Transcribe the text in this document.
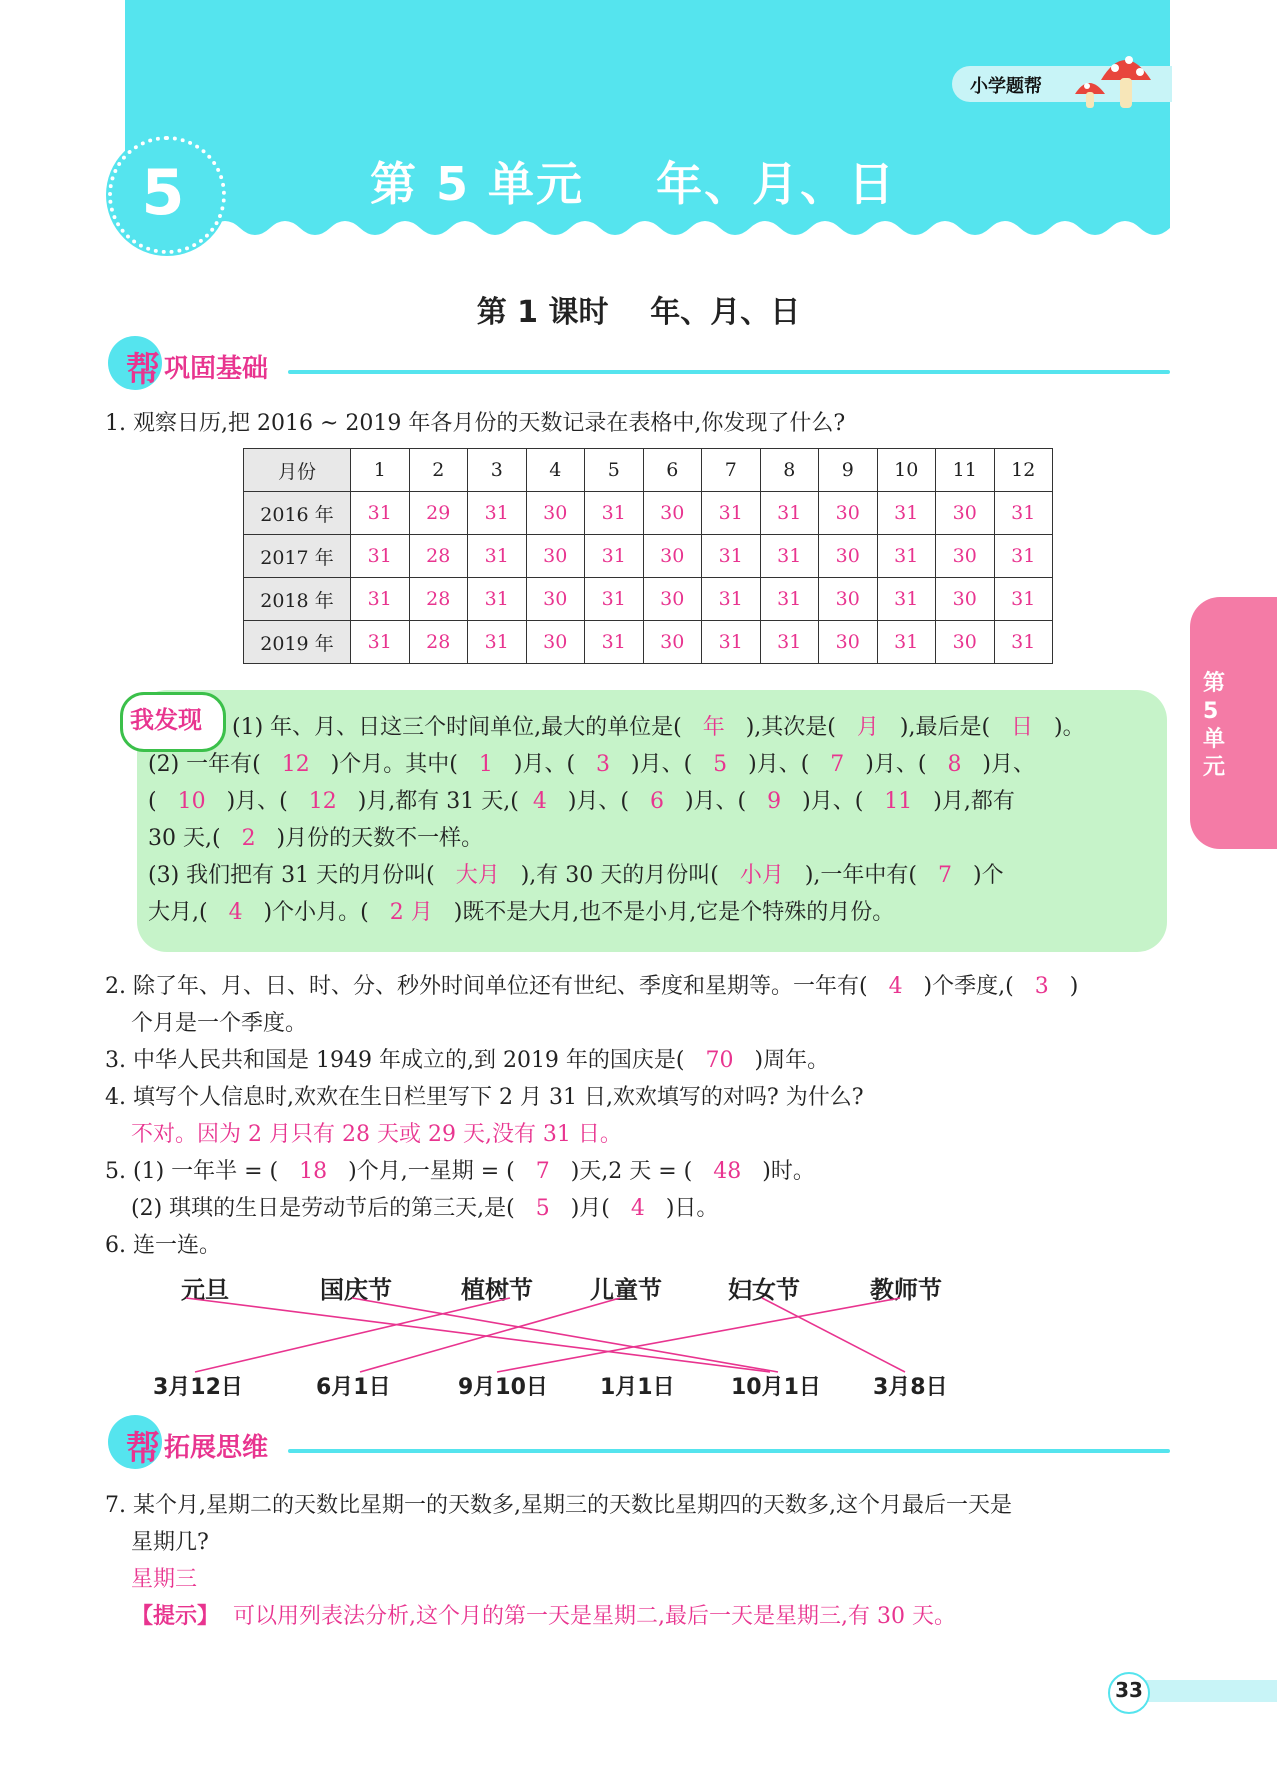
小学题帮
5	第 5 单元    年、月、日
第5单元
第 1 课时    年、月、日
帮 巩固基础
1. 观察日历,把 2016 ~ 2019 年各月份的天数记录在表格中,你发现了什么?
月份	1	2	3	4	5	6	7	8	9	10	11	12
2016 年	31	29	31	30	31	30	31	31	30	31	30	31
2017 年	31	28	31	30	31	30	31	31	30	31	30	31
2018 年	31	28	31	30	31	30	31	31	30	31	30	31
2019 年	31	28	31	30	31	30	31	31	30	31	30	31
我发现 (1) 年、月、日这三个时间单位,最大的单位是( 年 ),其次是( 月 ),最后是( 日 )。
(2) 一年有( 12 )个月。其中( 1 )月、( 3 )月、( 5 )月、( 7 )月、( 8 )月、
( 10 )月、( 12 )月,都有 31 天,( 4 )月、( 6 )月、( 9 )月、( 11 )月,都有
30 天,( 2 )月份的天数不一样。
(3) 我们把有 31 天的月份叫( 大月 ),有 30 天的月份叫( 小月 ),一年中有( 7 )个
大月,( 4 )个小月。( 2 月 )既不是大月,也不是小月,它是个特殊的月份。
2. 除了年、月、日、时、分、秒外时间单位还有世纪、季度和星期等。一年有( 4 )个季度,( 3 )
个月是一个季度。
3. 中华人民共和国是 1949 年成立的,到 2019 年的国庆是( 70 )周年。
4. 填写个人信息时,欢欢在生日栏里写下 2 月 31 日,欢欢填写的对吗? 为什么?
不对。因为 2 月只有 28 天或 29 天,没有 31 日。
5. (1) 一年半 = ( 18 )个月,一星期 = ( 7 )天,2 天 = ( 48 )时。
(2) 琪琪的生日是劳动节后的第三天,是( 5 )月( 4 )日。
6. 连一连。
元旦	国庆节	植树节 儿童节	妇女节	教师节
3月12日	6月1日	9月10日 1月1日	10月1日 3月8日
帮 拓展思维
7. 某个月,星期二的天数比星期一的天数多,星期三的天数比星期四的天数多,这个月最后一天是
星期几?
星期三
【提示】 可以用列表法分析,这个月的第一天是星期二,最后一天是星期三,有 30 天。
33
